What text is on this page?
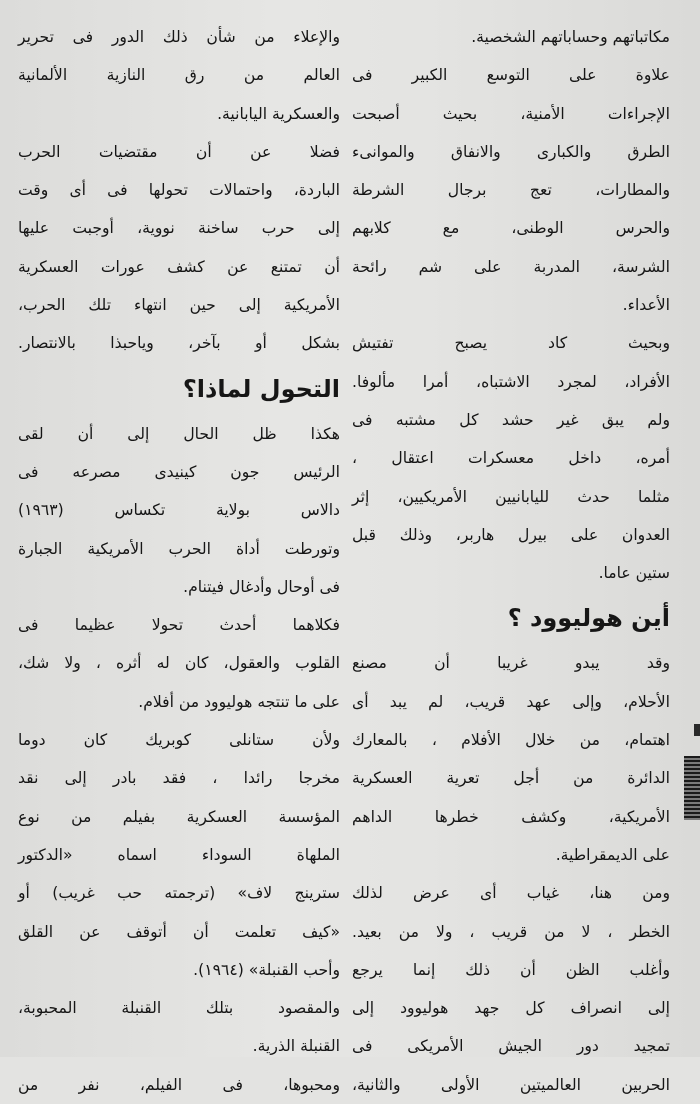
مكاتباتهم وحساباتهم الشخصية.
علاوة على التوسع الكبير فى
الإجراءات الأمنية، بحيث أصبحت
الطرق والكبارى والانفاق والموانىء
والمطارات، تعج برجال الشرطة
والحرس الوطنى، مع كلابهم
الشرسة، المدربة على شم رائحة
الأعداء.
وبحيث كاد يصبح تفتيش
الأفراد، لمجرد الاشتباه، أمرا مألوفا.
ولم يبق غير حشد كل مشتبه فى
أمره، داخل معسكرات اعتقال ،
مثلما حدث لليابانيين الأمريكيين، إثر
العدوان على بيرل هاربر، وذلك قبل
ستين عاما.
أين هوليوود ؟
وقد يبدو غريبا أن مصنع
الأحلام، وإلى عهد قريب، لم يبد أى
اهتمام، من خلال الأفلام ، بالمعارك
الدائرة من أجل تعرية العسكرية
الأمريكية، وكشف خطرها الداهم
على الديمقراطية.
ومن هنا، غياب أى عرض لذلك
الخطر ، لا من قريب ، ولا من بعيد.
وأغلب الظن أن ذلك إنما يرجع
إلى انصراف كل جهد هوليوود إلى
تمجيد دور الجيش الأمريكى فى
الحربين العالميتين الأولى والثانية،
والإعلاء من شأن ذلك الدور فى تحرير
العالم من رق النازية الألمانية
والعسكرية اليابانية.
فضلا عن أن مقتضيات الحرب
الباردة، واحتمالات تحولها فى أى وقت
إلى حرب ساخنة نووية، أوجبت عليها
أن تمتنع عن كشف عورات العسكرية
الأمريكية إلى حين انتهاء تلك الحرب،
بشكل أو بآخر، وياحبذا بالانتصار.
التحول لماذا؟
هكذا ظل الحال إلى أن لقى
الرئيس جون كينيدى مصرعه فى
دالاس بولاية تكساس (١٩٦٣)
وتورطت أداة الحرب الأمريكية الجبارة
فى أوحال وأدغال فيتنام.
فكلاهما أحدث تحولا عظيما فى
القلوب والعقول، كان له أثره ، ولا شك،
على ما تنتجه هوليوود من أفلام.
ولأن ستانلى كوبريك كان دوما
مخرجا رائدا ، فقد بادر إلى نقد
المؤسسة العسكرية بفيلم من نوع
الملهاة السوداء اسماه «الدكتور
سترينج لاف» (ترجمته حب غريب) أو
«كيف تعلمت أن أتوقف عن القلق
وأحب القنبلة» (١٩٦٤).
والمقصود بتلك القنبلة المحبوبة،
القنبلة الذرية.
ومحبوها، فى الفيلم، نفر من
